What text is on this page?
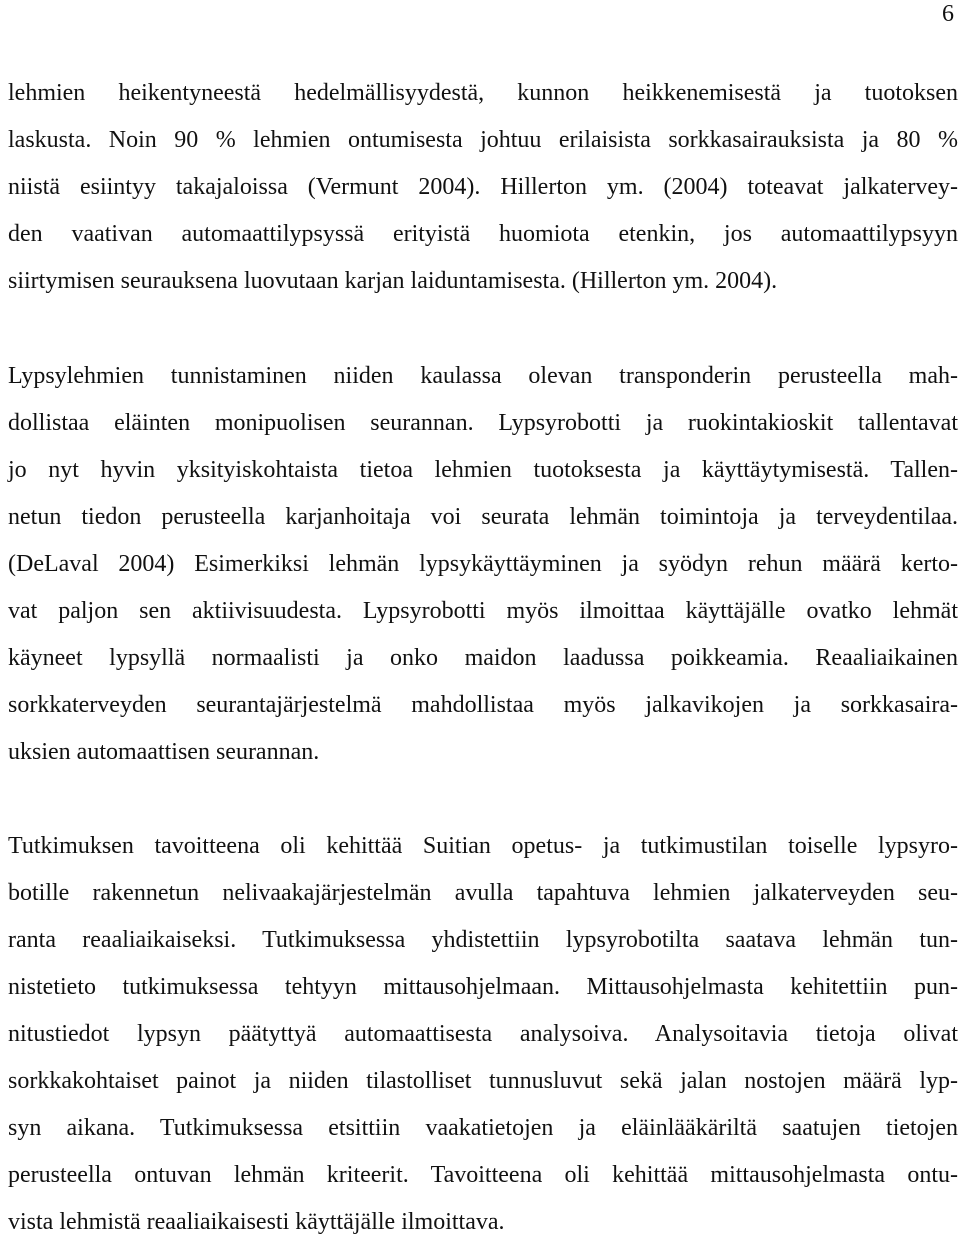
6
lehmien heikentyneestä hedelmällisyydestä, kunnon heikkenemisestä ja tuotoksen
laskusta. Noin 90 % lehmien ontumisesta johtuu erilaisista sorkkasairauksista ja 80 %
niistä esiintyy takajaloissa (Vermunt 2004). Hillerton ym. (2004) toteavat jalkatervey-
den vaativan automaattilypsyssä erityistä huomiota etenkin, jos automaattilypsyyn
siirtymisen seurauksena luovutaan karjan laiduntamisesta. (Hillerton ym. 2004).
Lypsylehmien tunnistaminen niiden kaulassa olevan transponderin perusteella mah-
dollistaa eläinten monipuolisen seurannan. Lypsyrobotti ja ruokintakioskit tallentavat
jo nyt hyvin yksityiskohtaista tietoa lehmien tuotoksesta ja käyttäytymisestä. Tallen-
netun tiedon perusteella karjanhoitaja voi seurata lehmän toimintoja ja terveydentilaa.
(DeLaval 2004) Esimerkiksi lehmän lypsykäyttäyminen ja syödyn rehun määrä kerto-
vat paljon sen aktiivisuudesta. Lypsyrobotti myös ilmoittaa käyttäjälle ovatko lehmät
käyneet lypsyllä normaalisti ja onko maidon laadussa poikkeamia. Reaaliaikainen
sorkkaterveyden seurantajärjestelmä mahdollistaa myös jalkavikojen ja sorkkasaira-
uksien automaattisen seurannan.
Tutkimuksen tavoitteena oli kehittää Suitian opetus- ja tutkimustilan toiselle lypsyro-
botille rakennetun nelivaakajärjestelmän avulla tapahtuva lehmien jalkaterveyden seu-
ranta reaaliaikaiseksi. Tutkimuksessa yhdistettiin lypsyrobotilta saatava lehmän tun-
nistetieto tutkimuksessa tehtyyn mittausohjelmaan. Mittausohjelmasta kehitettiin pun-
nitustiedot lypsyn päätyttyä automaattisesta analysoiva. Analysoitavia tietoja olivat
sorkkakohtaiset painot ja niiden tilastolliset tunnusluvut sekä jalan nostojen määrä lyp-
syn aikana. Tutkimuksessa etsittiin vaakatietojen ja eläinlääkäriltä saatujen tietojen
perusteella ontuvan lehmän kriteerit. Tavoitteena oli kehittää mittausohjelmasta ontu-
vista lehmistä reaaliaikaisesti käyttäjälle ilmoittava.
